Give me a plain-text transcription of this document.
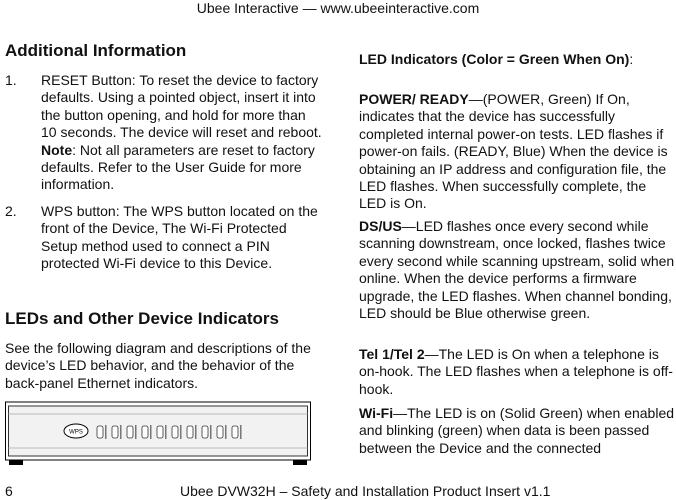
Ubee Interactive — www.ubeeinteractive.com
Additional Information
1.	RESET Button: To reset the device to factory defaults. Using a pointed object, insert it into the button opening, and hold for more than 10 seconds. The device will reset and reboot. Note: Not all parameters are reset to factory defaults. Refer to the User Guide for more information.
2.	WPS button: The WPS button located on the front of the Device, The Wi-Fi Protected Setup method used to connect a PIN protected Wi-Fi device to this Device.
LEDs and Other Device Indicators

See the following diagram and descriptions of the device’s LED behavior, and the behavior of the back-panel Ethernet indicators.

WPS
LED Indicators (Color = Green When On):

POWER/ READY—(POWER, Green) If On, indicates that the device has successfully completed internal power-on tests. LED flashes if power-on fails. (READY, Blue) When the device is obtaining an IP address and configuration file, the LED flashes. When successfully complete, the LED is On.

DS/US—LED flashes once every second while scanning downstream, once locked, flashes twice every second while scanning upstream, solid when online. When the device performs a firmware upgrade, the LED flashes. When channel bonding, LED should be Blue otherwise green.

Tel 1/Tel 2—The LED is On when a telephone is on-hook. The LED flashes when a telephone is off-hook.

Wi-Fi—The LED is on (Solid Green) when enabled and blinking (green) when data is been passed between the Device and the connected

6	Ubee DVW32H – Safety and Installation Product Insert v1.1
